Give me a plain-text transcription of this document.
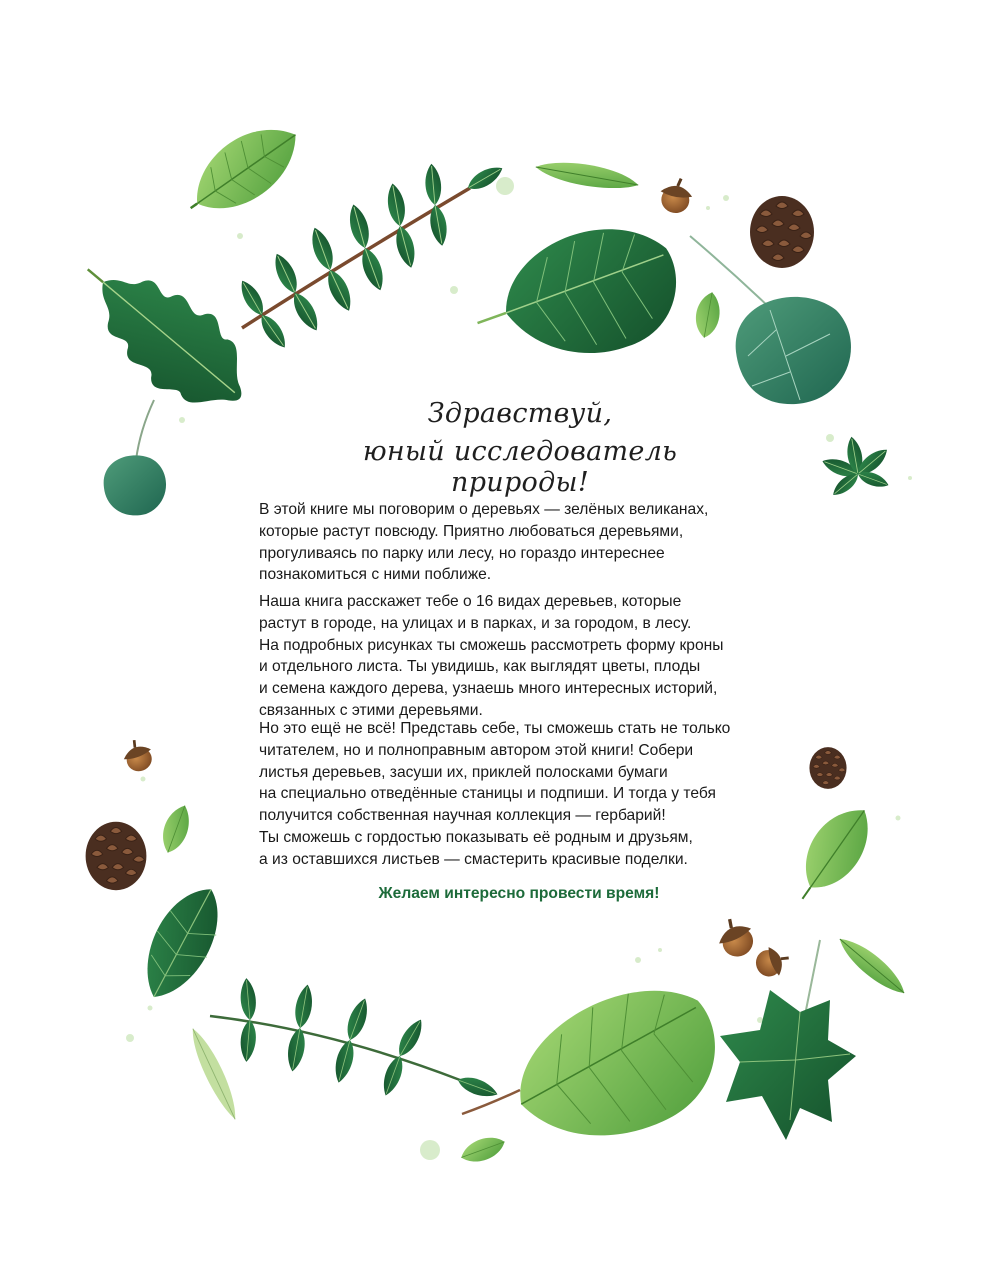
Здравствуй,
юный исследователь природы!
В этой книге мы поговорим о деревьях — зелёных великанах,
которые растут повсюду. Приятно любоваться деревьями,
прогуливаясь по парку или лесу, но гораздо интереснее
познакомиться с ними поближе.
Наша книга расскажет тебе о 16 видах деревьев, которые
растут в городе, на улицах и в парках, и за городом, в лесу.
На подробных рисунках ты сможешь рассмотреть форму кроны
и отдельного листа. Ты увидишь, как выглядят цветы, плоды
и семена каждого дерева, узнаешь много интересных историй,
связанных с этими деревьями.
Но это ещё не всё! Представь себе, ты сможешь стать не только
читателем, но и полноправным автором этой книги! Собери
листья деревьев, засуши их, приклей полосками бумаги
на специально отведённые станицы и подпиши. И тогда у тебя
получится собственная научная коллекция — гербарий!
Ты сможешь с гордостью показывать её родным и друзьям,
а из оставшихся листьев — смастерить красивые поделки.
Желаем интересно провести время!
